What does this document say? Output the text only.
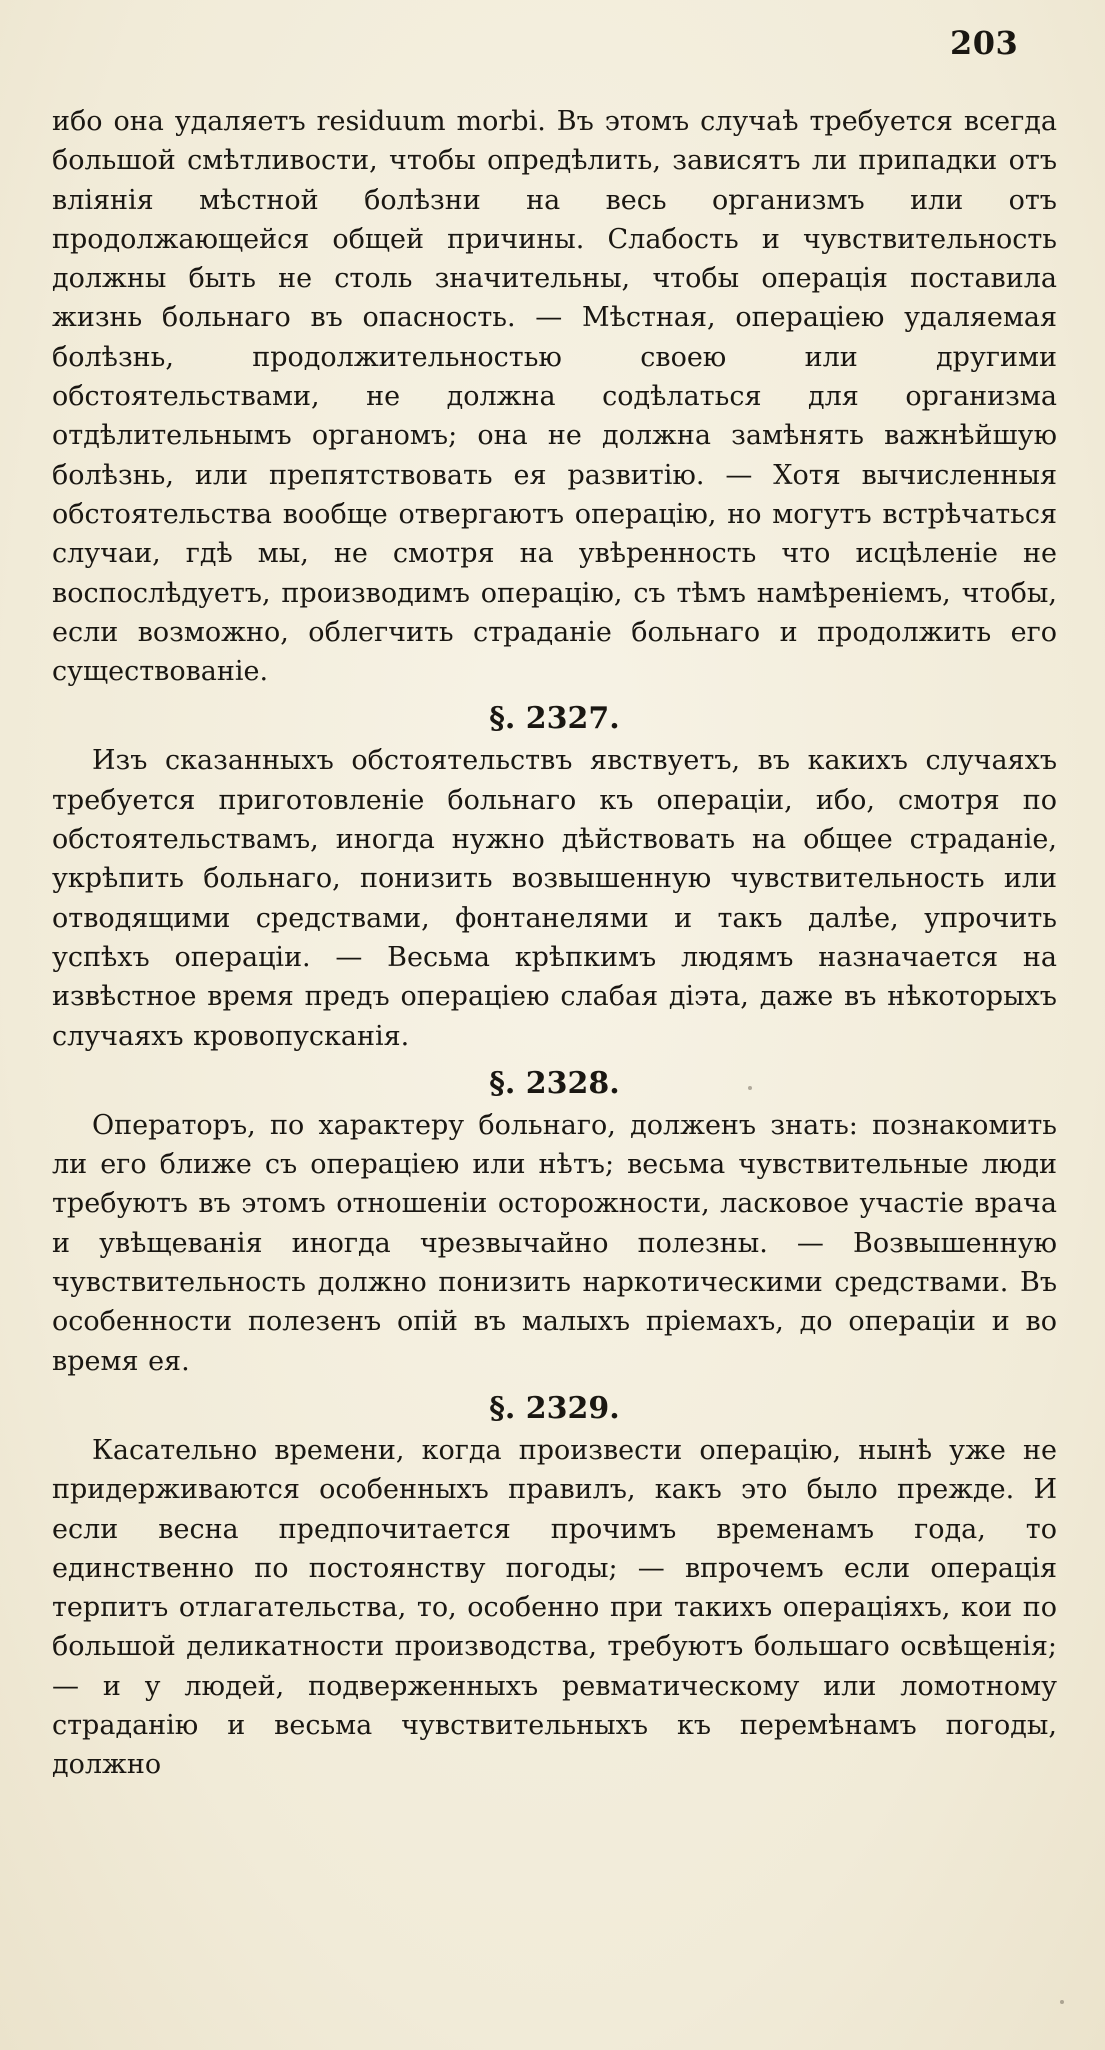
203

ибо она удаляетъ residuum morbi. Въ этомъ случаѣ требуется всегда большой смѣтливости, чтобы опредѣлить, зависятъ ли припадки отъ вліянія мѣстной болѣзни на весь организмъ или отъ продолжающейся общей причины. Слабость и чувствительность должны быть не столь значительны, чтобы операція поставила жизнь больнаго въ опасность. — Мѣстная, операціею удаляемая болѣзнь, продолжительностью своею или другими обстоятельствами, не должна содѣлаться для организма отдѣлительнымъ органомъ; она не должна замѣнять важнѣйшую болѣзнь, или препятствовать ея развитію. — Хотя вычисленныя обстоятельства вообще отвергаютъ операцію, но могутъ встрѣчаться случаи, гдѣ мы, не смотря на увѣренность что исцѣленіе не воспослѣдуетъ, производимъ операцію, съ тѣмъ намѣреніемъ, чтобы, если возможно, облегчить страданіе больнаго и продолжить его существованіе.

§. 2327.

Изъ сказанныхъ обстоятельствъ явствуетъ, въ какихъ случаяхъ требуется приготовленіе больнаго къ операціи, ибо, смотря по обстоятельствамъ, иногда нужно дѣйствовать на общее страданіе, укрѣпить больнаго, понизить возвышенную чувствительность или отводящими средствами, фонтанелями и такъ далѣе, упрочить успѣхъ операціи. — Весьма крѣпкимъ людямъ назначается на извѣстное время предъ операціею слабая діэта, даже въ нѣкоторыхъ случаяхъ кровопусканія.

§. 2328.

Операторъ, по характеру больнаго, долженъ знать: познакомить ли его ближе съ операціею или нѣтъ; весьма чувствительные люди требуютъ въ этомъ отношеніи осторожности, ласковое участіе врача и увѣщеванія иногда чрезвычайно полезны. — Возвышенную чувствительность должно понизить наркотическими средствами. Въ особенности полезенъ опій въ малыхъ пріемахъ, до операціи и во время ея.

§. 2329.

Касательно времени, когда произвести операцію, нынѣ уже не придерживаются особенныхъ правилъ, какъ это было прежде. И если весна предпочитается прочимъ временамъ года, то единственно по постоянству погоды; — впрочемъ если операція терпитъ отлагательства, то, особенно при такихъ операціяхъ, кои по большой деликатности производства, требуютъ большаго освѣщенія; — и у людей, подверженныхъ ревматическому или ломотному страданію и весьма чувствительныхъ къ перемѣнамъ погоды, должно
